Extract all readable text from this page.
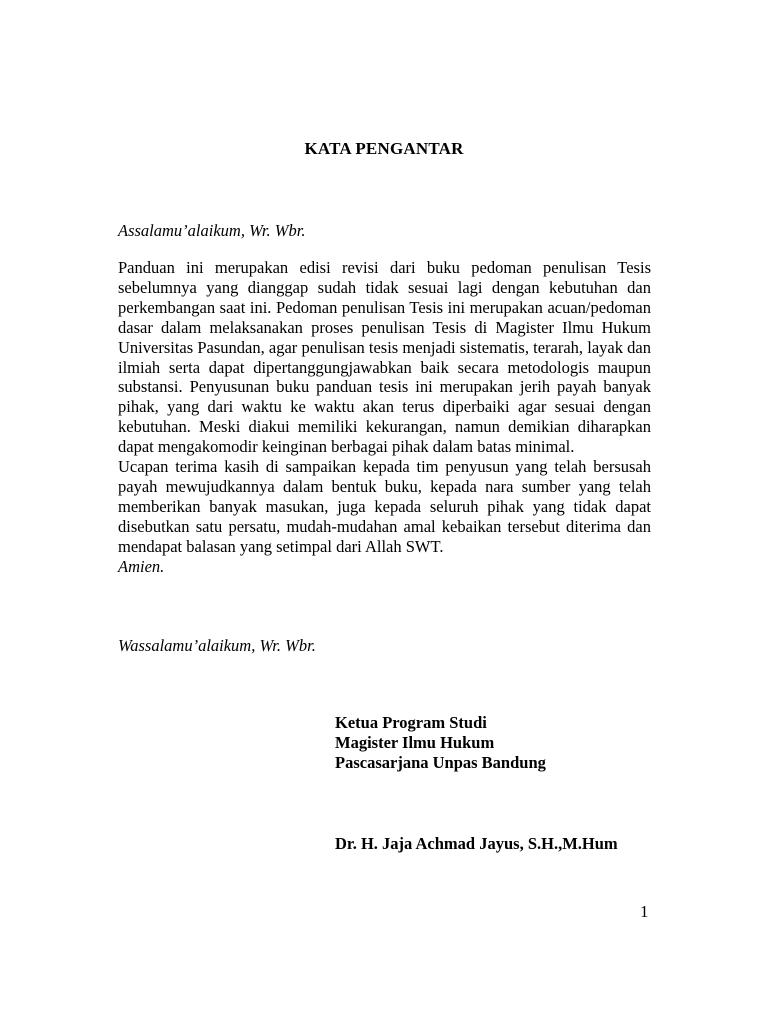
KATA PENGANTAR
Assalamu’alaikum, Wr. Wbr.

Panduan ini merupakan edisi revisi dari buku pedoman penulisan Tesis sebelumnya yang dianggap sudah tidak sesuai lagi dengan kebutuhan dan perkembangan saat ini. Pedoman penulisan Tesis ini merupakan acuan/pedoman dasar dalam melaksanakan proses penulisan Tesis di Magister Ilmu Hukum Universitas Pasundan, agar penulisan tesis menjadi sistematis, terarah, layak dan ilmiah serta dapat dipertanggungjawabkan baik secara metodologis maupun substansi. Penyusunan buku panduan tesis ini merupakan jerih payah banyak pihak, yang dari waktu ke waktu akan terus diperbaiki agar sesuai dengan kebutuhan. Meski diakui memiliki kekurangan, namun demikian diharapkan dapat mengakomodir keinginan berbagai pihak dalam batas minimal.

Ucapan terima kasih di sampaikan kepada tim penyusun yang telah bersusah payah mewujudkannya dalam bentuk buku, kepada nara sumber yang telah memberikan banyak masukan, juga kepada seluruh pihak yang tidak dapat disebutkan satu persatu, mudah-mudahan amal kebaikan tersebut diterima dan mendapat balasan yang setimpal dari Allah SWT.

Amien.

Wassalamu’alaikum, Wr. Wbr.
Ketua Program Studi
Magister Ilmu Hukum
Pascasarjana Unpas Bandung
Dr. H. Jaja Achmad Jayus, S.H.,M.Hum
1
